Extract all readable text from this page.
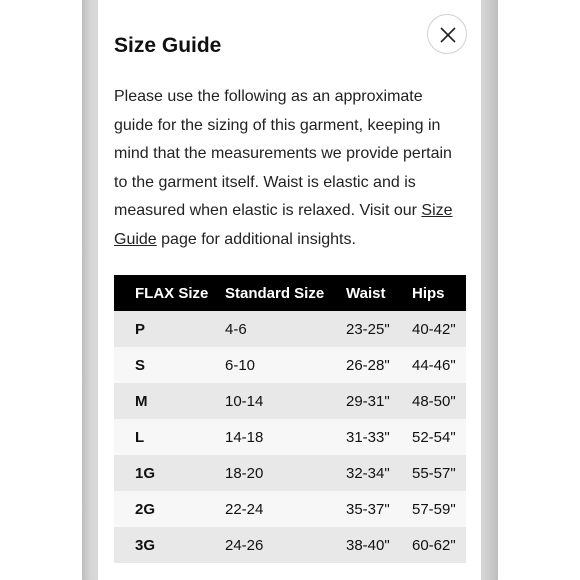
Size Guide
Please use the following as an approximate guide for the sizing of this garment, keeping in mind that the measurements we provide pertain to the garment itself. Waist is elastic and is measured when elastic is relaxed. Visit our Size Guide page for additional insights.
FLAX Size	Standard Size	Waist	Hips
P	4-6	23-25"	40-42"
S	6-10	26-28"	44-46"
M	10-14	29-31"	48-50"
L	14-18	31-33"	52-54"
1G	18-20	32-34"	55-57"
2G	22-24	35-37"	57-59"
3G	24-26	38-40"	60-62"
